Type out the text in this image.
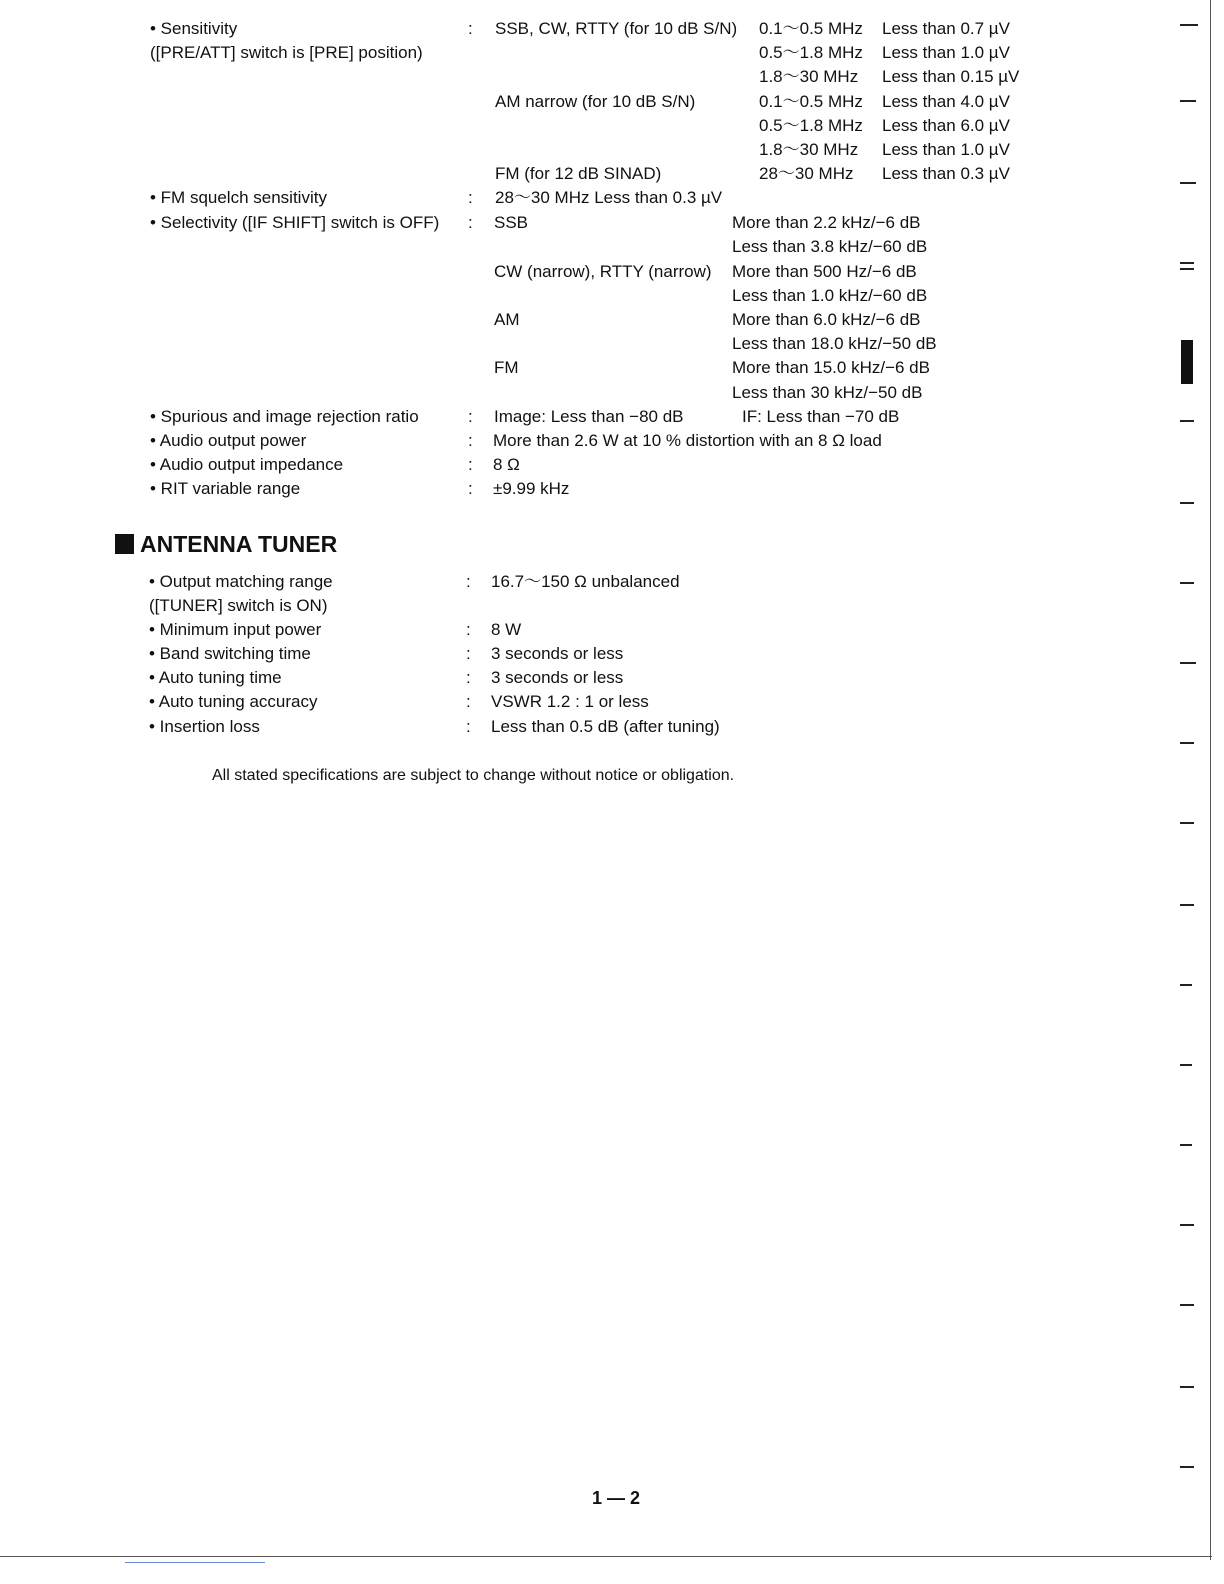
• Sensitivity
([PRE/ATT] switch is [PRE] position)
: SSB, CW, RTTY (for 10 dB S/N) 0.1～0.5 MHz Less than 0.7 µV
0.5～1.8 MHz Less than 1.0 µV
1.8～30 MHz Less than 0.15 µV
AM narrow (for 10 dB S/N)	0.1～0.5 MHz Less than 4.0 µV
0.5～1.8 MHz Less than 6.0 µV
1.8～30 MHz Less than 1.0 µV
FM (for 12 dB SINAD)	28～30 MHz Less than 0.3 µV
• FM squelch sensitivity	: 28～30 MHz Less than 0.3 µV
• Selectivity ([IF SHIFT] switch is OFF) : SSB	More than 2.2 kHz/−6 dB
Less than 3.8 kHz/−60 dB
CW (narrow), RTTY (narrow) More than 500 Hz/−6 dB
Less than 1.0 kHz/−60 dB
AM	More than 6.0 kHz/−6 dB
Less than 18.0 kHz/−50 dB
FM	More than 15.0 kHz/−6 dB
Less than 30 kHz/−50 dB
• Spurious and image rejection ratio	: Image: Less than −80 dB	IF: Less than −70 dB
• Audio output power	: More than 2.6 W at 10 % distortion with an 8 Ω load
• Audio output impedance	: 8 Ω
• RIT variable range	: ±9.99 kHz
ANTENNA TUNER
• Output matching range
([TUNER] switch is ON)
: 16.7～150 Ω unbalanced
• Minimum input power	: 8 W
• Band switching time	: 3 seconds or less
• Auto tuning time	: 3 seconds or less
• Auto tuning accuracy	: VSWR 1.2 : 1 or less
• Insertion loss	: Less than 0.5 dB (after tuning)
All stated specifications are subject to change without notice or obligation.
1 — 2
